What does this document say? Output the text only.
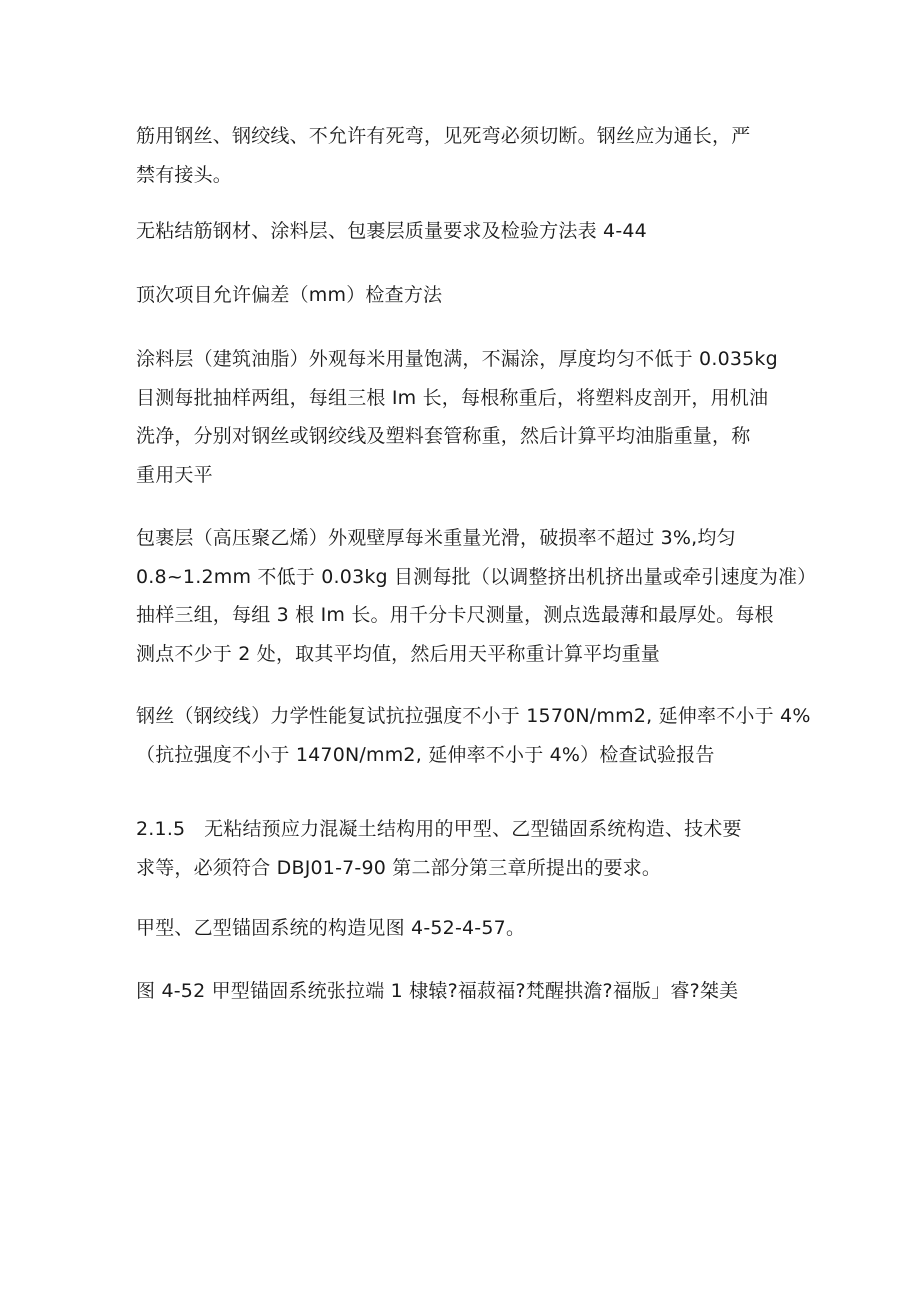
筋用钢丝、钢绞线、不允许有死弯，见死弯必须切断。钢丝应为通长，严
禁有接头。

无粘结筋钢材、涂料层、包裹层质量要求及检验方法表 4-44

顶次项目允许偏差（mm）检查方法

涂料层（建筑油脂）外观每米用量饱满，不漏涂，厚度均匀不低于 0.035kg
目测每批抽样两组，每组三根 Im 长，每根称重后，将塑料皮剖开，用机油
洗净，分别对钢丝或钢绞线及塑料套管称重，然后计算平均油脂重量，称
重用天平

包裹层（高压聚乙烯）外观壁厚每米重量光滑，破损率不超过 3%,均匀
0.8~1.2mm 不低于 0.03kg 目测每批（以调整挤出机挤出量或牵引速度为准）
抽样三组，每组 3 根 Im 长。用千分卡尺测量，测点选最薄和最厚处。每根
测点不少于 2 处，取其平均值，然后用天平称重计算平均重量

钢丝（钢绞线）力学性能复试抗拉强度不小于 1570N∕mm2, 延伸率不小于 4%
（抗拉强度不小于 1470N∕mm2, 延伸率不小于 4%）检查试验报告

2.1.5   无粘结预应力混凝土结构用的甲型、乙型锚固系统构造、技术要
求等，必须符合 DBJ01-7-90 第二部分第三章所提出的要求。

甲型、乙型锚固系统的构造见图 4-52-4-57。

图 4-52 甲型锚固系统张拉端 1 棣辕?福菽福?梵醒拱澹?福版」睿?桀美
